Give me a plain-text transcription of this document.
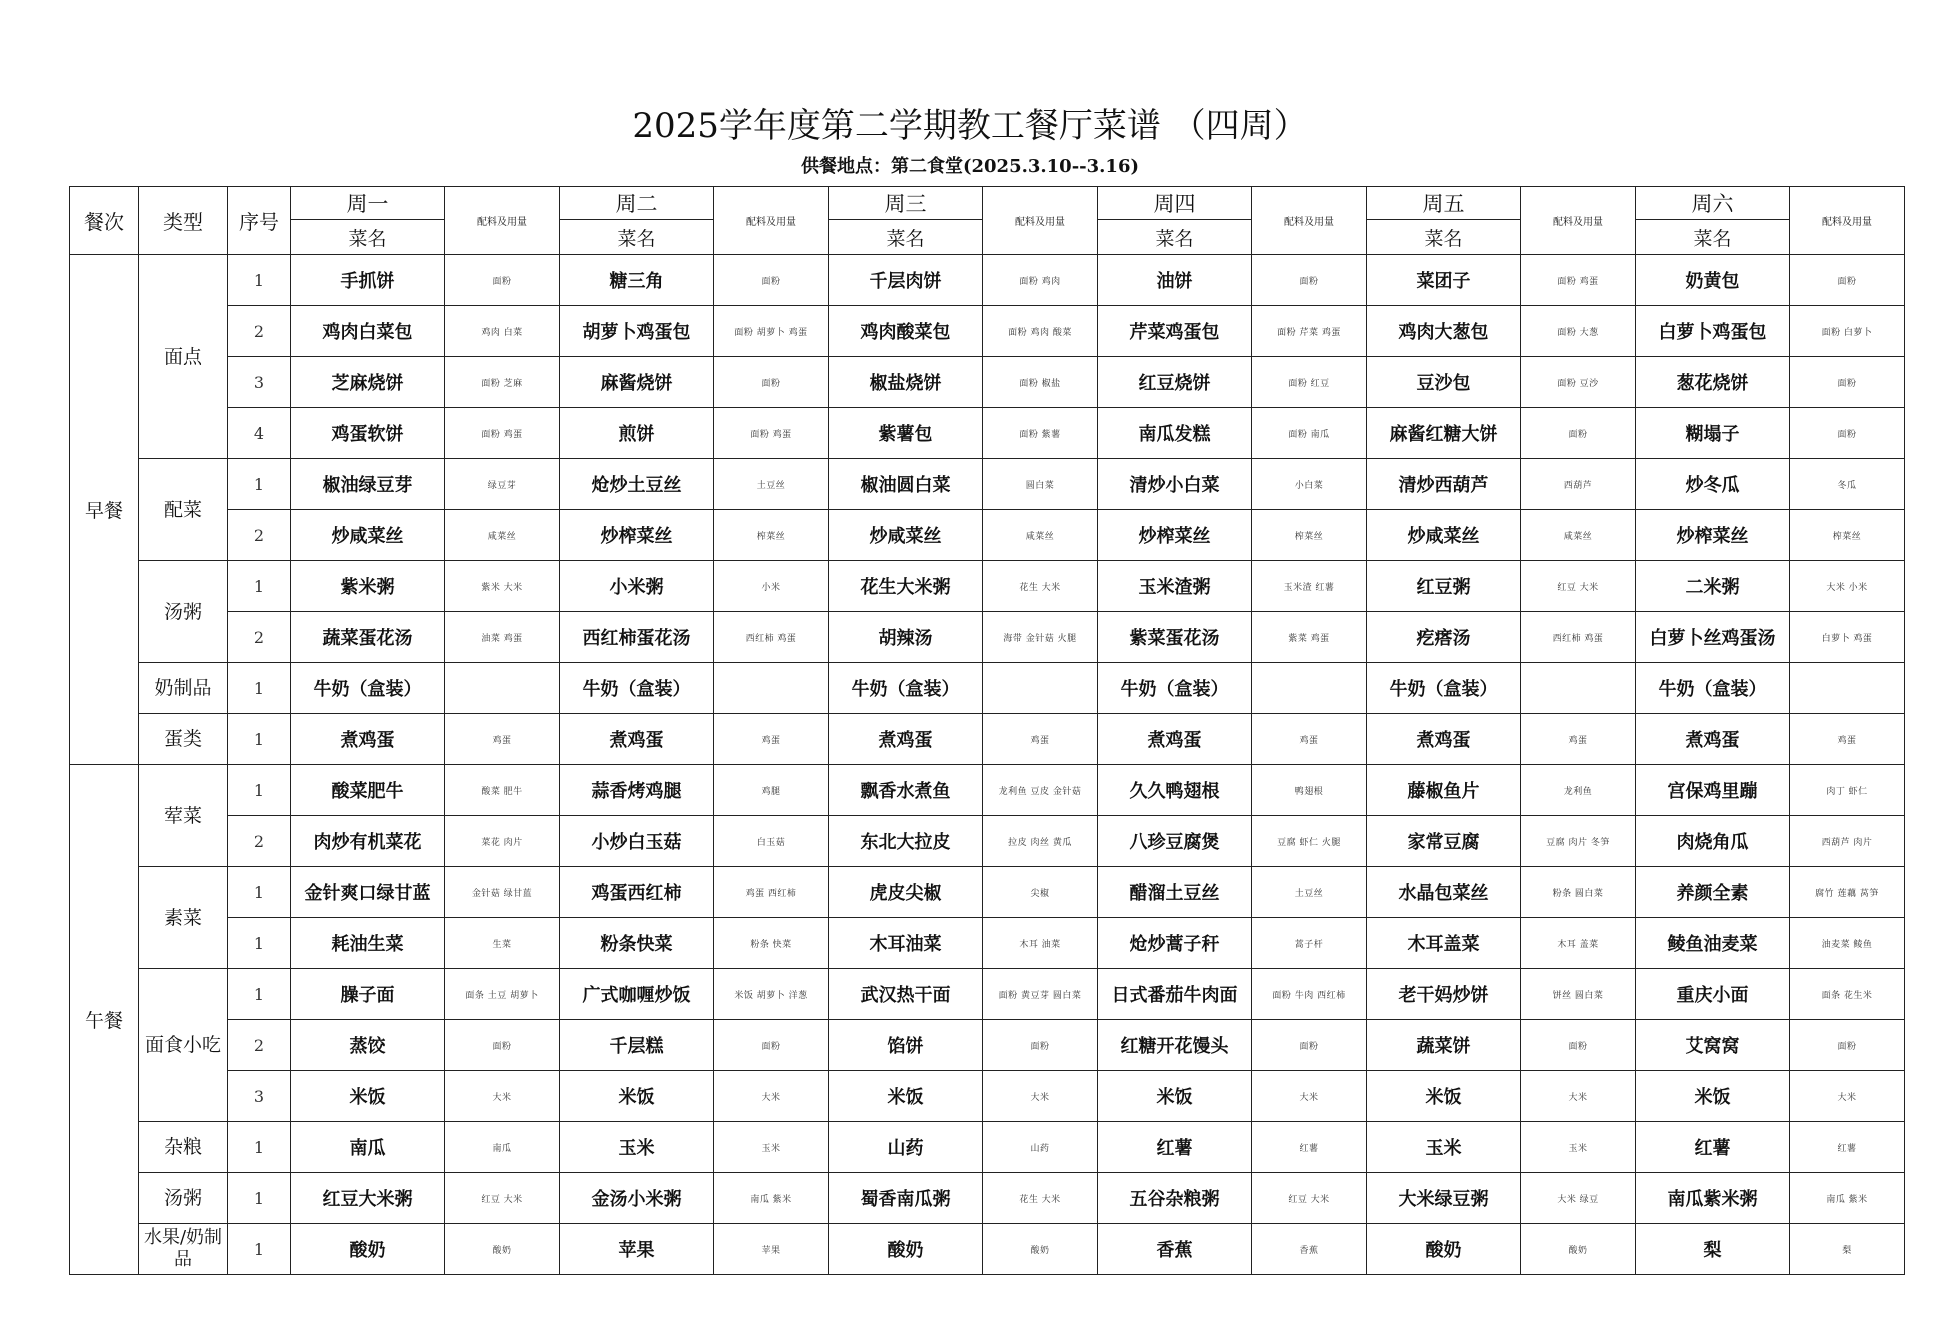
2025学年度第二学期教工餐厅菜谱 （四周）
供餐地点：第二食堂(2025.3.10--3.16)
餐次	类型	序号	周一	配料及用量	周二	配料及用量	周三	配料及用量	周四	配料及用量	周五	配料及用量	周六	配料及用量
			菜名		菜名		菜名		菜名		菜名		菜名	
早餐	面点	1	手抓饼	面粉	糖三角	面粉	千层肉饼	面粉 鸡肉	油饼	面粉	菜团子	面粉 鸡蛋	奶黄包	面粉
		2	鸡肉白菜包	鸡肉 白菜	胡萝卜鸡蛋包	面粉 胡萝卜 鸡蛋	鸡肉酸菜包	面粉 鸡肉 酸菜	芹菜鸡蛋包	面粉 芹菜 鸡蛋	鸡肉大葱包	面粉 大葱	白萝卜鸡蛋包	面粉 白萝卜
		3	芝麻烧饼	面粉 芝麻	麻酱烧饼	面粉	椒盐烧饼	面粉 椒盐	红豆烧饼	面粉 红豆	豆沙包	面粉 豆沙	葱花烧饼	面粉
		4	鸡蛋软饼	面粉 鸡蛋	煎饼	面粉 鸡蛋	紫薯包	面粉 紫薯	南瓜发糕	面粉 南瓜	麻酱红糖大饼	面粉	糊塌子	面粉
	配菜	1	椒油绿豆芽	绿豆芽	炝炒土豆丝	土豆丝	椒油圆白菜	圆白菜	清炒小白菜	小白菜	清炒西葫芦	西葫芦	炒冬瓜	冬瓜
		2	炒咸菜丝	咸菜丝	炒榨菜丝	榨菜丝	炒咸菜丝	咸菜丝	炒榨菜丝	榨菜丝	炒咸菜丝	咸菜丝	炒榨菜丝	榨菜丝
	汤粥	1	紫米粥	紫米 大米	小米粥	小米	花生大米粥	花生 大米	玉米渣粥	玉米渣 红薯	红豆粥	红豆 大米	二米粥	大米 小米
		2	蔬菜蛋花汤	油菜 鸡蛋	西红柿蛋花汤	西红柿 鸡蛋	胡辣汤	海带 金针菇 火腿	紫菜蛋花汤	紫菜 鸡蛋	疙瘩汤	西红柿 鸡蛋	白萝卜丝鸡蛋汤	白萝卜 鸡蛋
	奶制品	1	牛奶（盒装）		牛奶（盒装）		牛奶（盒装）		牛奶（盒装）		牛奶（盒装）		牛奶（盒装）	
	蛋类	1	煮鸡蛋	鸡蛋	煮鸡蛋	鸡蛋	煮鸡蛋	鸡蛋	煮鸡蛋	鸡蛋	煮鸡蛋	鸡蛋	煮鸡蛋	鸡蛋
午餐	荤菜	1	酸菜肥牛	酸菜 肥牛	蒜香烤鸡腿	鸡腿	飘香水煮鱼	龙利鱼 豆皮 金针菇	久久鸭翅根	鸭翅根	藤椒鱼片	龙利鱼	宫保鸡里蹦	肉丁 虾仁
		2	肉炒有机菜花	菜花 肉片	小炒白玉菇	白玉菇	东北大拉皮	拉皮 肉丝 黄瓜	八珍豆腐煲	豆腐 虾仁 火腿	家常豆腐	豆腐 肉片 冬笋	肉烧角瓜	西葫芦 肉片
	素菜	1	金针爽口绿甘蓝	金针菇 绿甘蓝	鸡蛋西红柿	鸡蛋 西红柿	虎皮尖椒	尖椒	醋溜土豆丝	土豆丝	水晶包菜丝	粉条 圆白菜	养颜全素	腐竹 莲藕 莴笋
		1	耗油生菜	生菜	粉条快菜	粉条 快菜	木耳油菜	木耳 油菜	炝炒蒿子秆	蒿子杆	木耳盖菜	木耳 盖菜	鲮鱼油麦菜	油麦菜 鲮鱼
	面食小吃	1	臊子面	面条 土豆 胡萝卜	广式咖喱炒饭	米饭 胡萝卜 洋葱	武汉热干面	面粉 黄豆芽 圆白菜	日式番茄牛肉面	面粉 牛肉 西红柿	老干妈炒饼	饼丝 圆白菜	重庆小面	面条 花生米
		2	蒸饺	面粉	千层糕	面粉	馅饼	面粉	红糖开花馒头	面粉	蔬菜饼	面粉	艾窝窝	面粉
		3	米饭	大米	米饭	大米	米饭	大米	米饭	大米	米饭	大米	米饭	大米
	杂粮	1	南瓜	南瓜	玉米	玉米	山药	山药	红薯	红薯	玉米	玉米	红薯	红薯
	汤粥	1	红豆大米粥	红豆 大米	金汤小米粥	南瓜 紫米	蜀香南瓜粥	花生 大米	五谷杂粮粥	红豆 大米	大米绿豆粥	大米 绿豆	南瓜紫米粥	南瓜 紫米
	水果/奶制品	1	酸奶	酸奶	苹果	苹果	酸奶	酸奶	香蕉	香蕉	酸奶	酸奶	梨	梨
